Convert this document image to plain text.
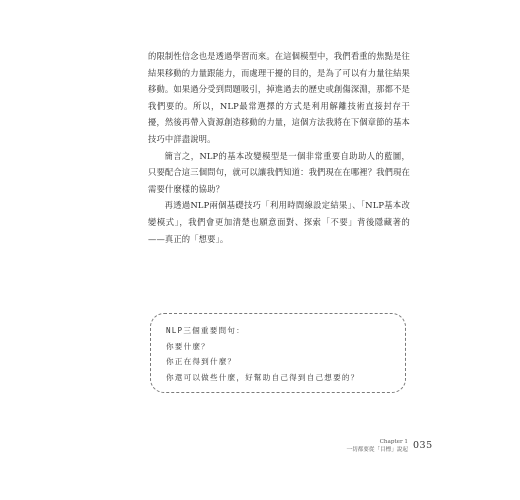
的限制性信念也是透過學習而來。在這個模型中，我們看重的焦點是往結果移動的力量跟能力，而處理干擾的目的，是為了可以有力量往結果移動。如果過分受到問題吸引，掉進過去的歷史或創傷深淵，那都不是我們要的。所以，NLP最常選擇的方式是利用解離技術直接封存干擾，然後再帶入資源創造移動的力量，這個方法我將在下個章節的基本技巧中詳盡說明。

簡言之，NLP的基本改變模型是一個非常重要自助助人的藍圖，只要配合這三個問句，就可以讓我們知道：我們現在在哪裡？我們現在需要什麼樣的協助？

再透過NLP兩個基礎技巧「利用時間線設定結果」、「NLP基本改變模式」，我們會更加清楚也願意面對、探索「不要」背後隱藏著的——真正的「想要」。

NLP三個重要問句：
你要什麼？
你正在得到什麼？
你還可以做些什麼，好幫助自己得到自己想要的？
Chapter 1
一切都要從「目標」說起 035
